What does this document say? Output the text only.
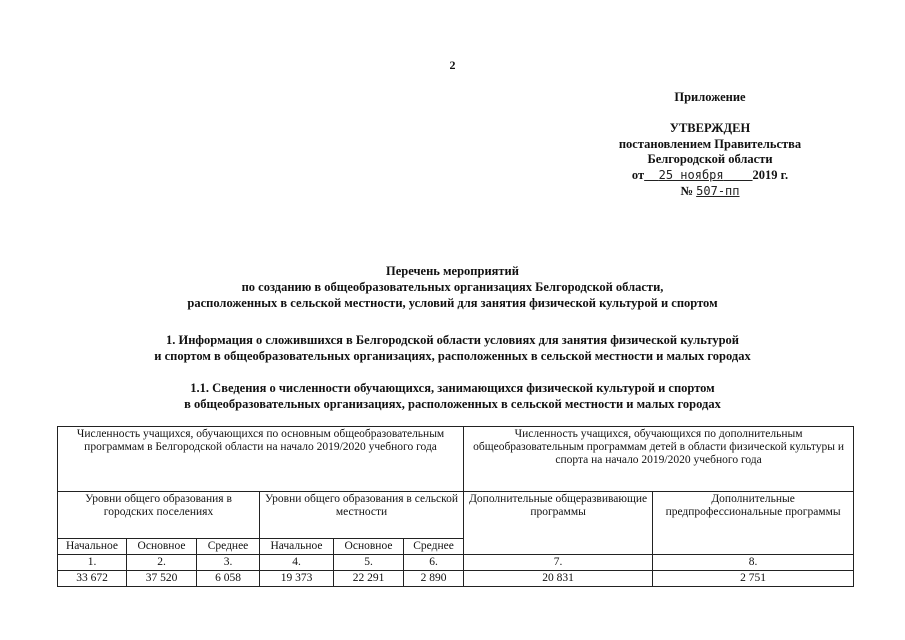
2
Приложение
УТВЕРЖДЕН
постановлением Правительства
Белгородской области
от 25 ноября 2019 г.
№ 507-пп
Перечень мероприятий
по созданию в общеобразовательных организациях Белгородской области,
расположенных в сельской местности, условий для занятия физической культурой и спортом
1. Информация о сложившихся в Белгородской области условиях для занятия физической культурой
и спортом в общеобразовательных организациях, расположенных в сельской местности и малых городах
1.1. Сведения о численности обучающихся, занимающихся физической культурой и спортом
в общеобразовательных организациях, расположенных в сельской местности и малых городах
Численность учащихся, обучающихся по основным общеобразовательным программам в Белгородской области на начало 2019/2020 учебного года						Численность учащихся, обучающихся по дополнительным общеобразовательным программам детей в области физической культуры и спорта на начало 2019/2020 учебного года	
Уровни общего образования в городских поселениях			Уровни общего образования в сельской местности			Дополнительные общеразвивающие программы	Дополнительные предпрофессиональные программы
Начальное	Основное	Среднее	Начальное	Основное	Среднее		
1.	2.	3.	4.	5.	6.	7.	8.
33 672	37 520	6 058	19 373	22 291	2 890	20 831	2 751
